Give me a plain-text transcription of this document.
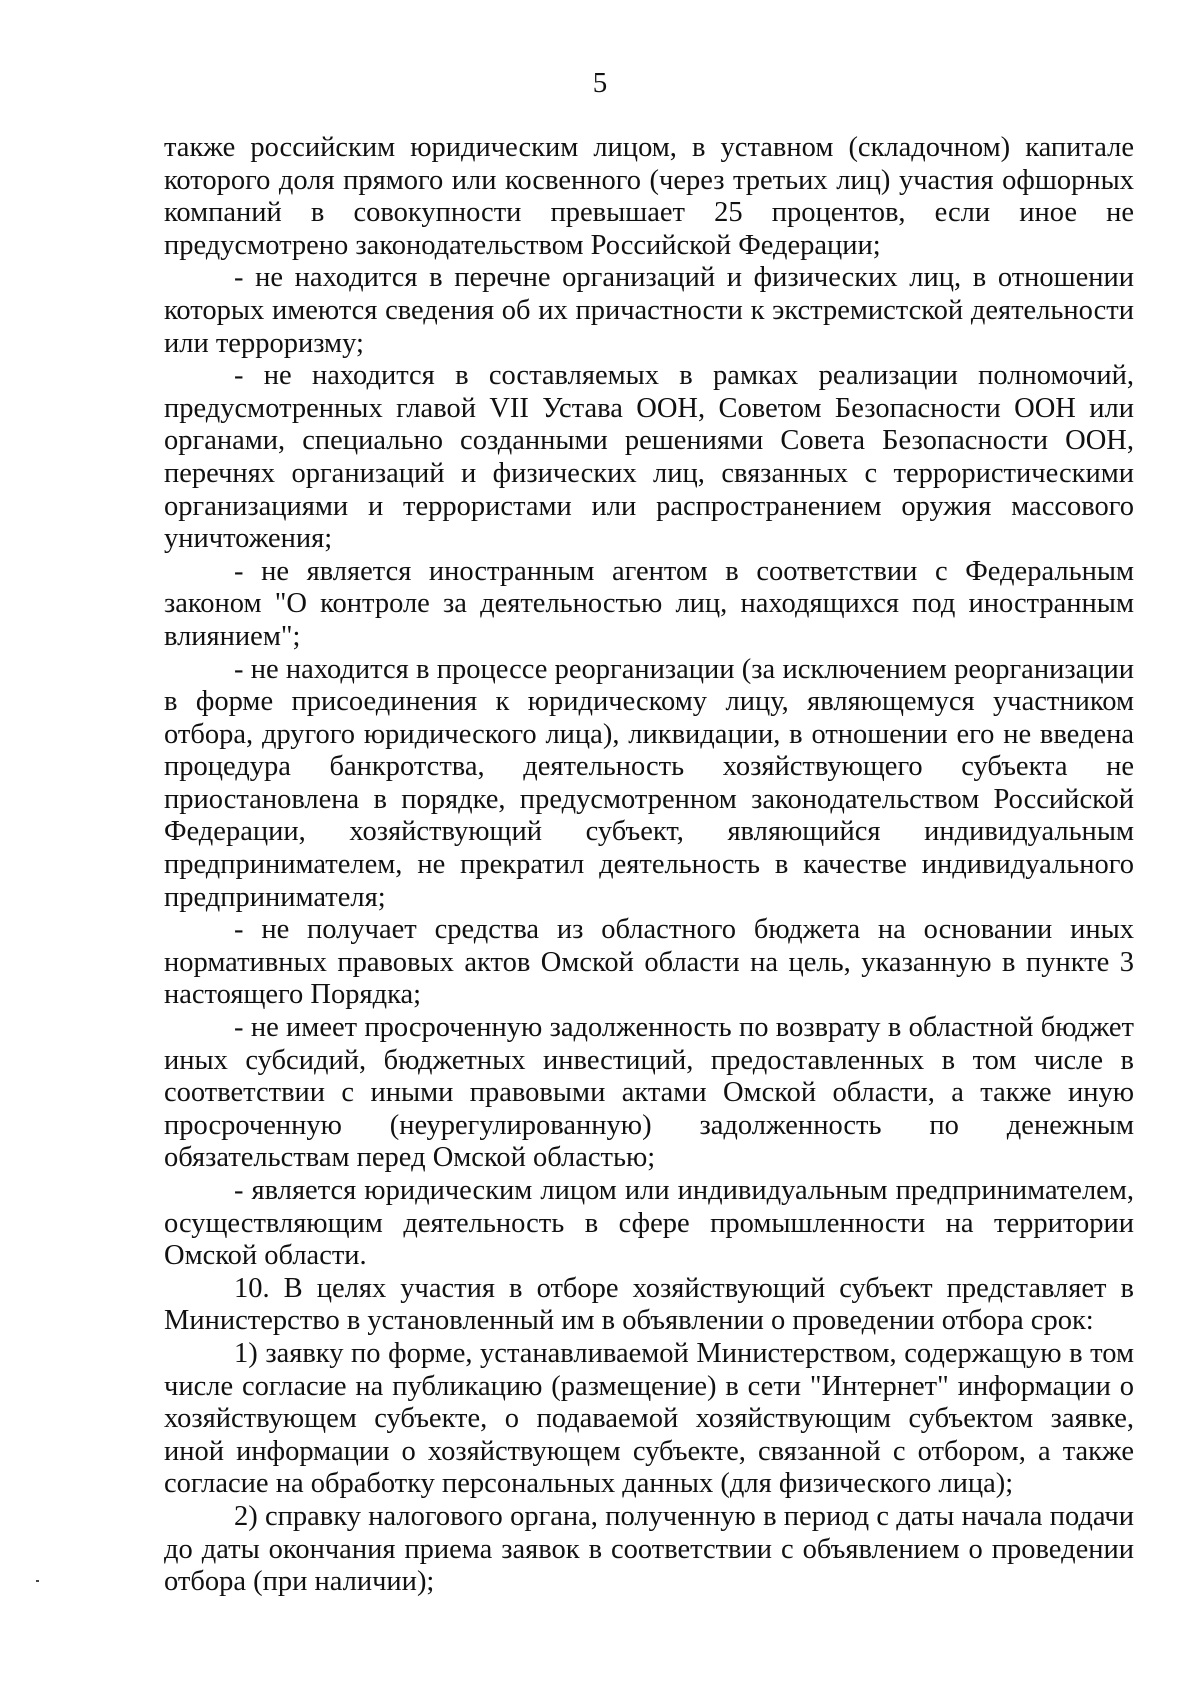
5

также российским юридическим лицом, в уставном (складочном) капитале которого доля прямого или косвенного (через третьих лиц) участия офшорных компаний в совокупности превышает 25 процентов, если иное не предусмотрено законодательством Российской Федерации;

- не находится в перечне организаций и физических лиц, в отношении которых имеются сведения об их причастности к экстремистской деятельности или терроризму;

- не находится в составляемых в рамках реализации полномочий, предусмотренных главой VII Устава ООН, Советом Безопасности ООН или органами, специально созданными решениями Совета Безопасности ООН, перечнях организаций и физических лиц, связанных с террористическими организациями и террористами или распространением оружия массового уничтожения;

- не является иностранным агентом в соответствии с Федеральным законом "О контроле за деятельностью лиц, находящихся под иностранным влиянием";

- не находится в процессе реорганизации (за исключением реорганизации в форме присоединения к юридическому лицу, являющемуся участником отбора, другого юридического лица), ликвидации, в отношении его не введена процедура банкротства, деятельность хозяйствующего субъекта не приостановлена в порядке, предусмотренном законодательством Российской Федерации, хозяйствующий субъект, являющийся индивидуальным предпринимателем, не прекратил деятельность в качестве индивидуального предпринимателя;

- не получает средства из областного бюджета на основании иных нормативных правовых актов Омской области на цель, указанную в пункте 3 настоящего Порядка;

- не имеет просроченную задолженность по возврату в областной бюджет иных субсидий, бюджетных инвестиций, предоставленных в том числе в соответствии с иными правовыми актами Омской области, а также иную просроченную (неурегулированную) задолженность по денежным обязательствам перед Омской областью;

- является юридическим лицом или индивидуальным предпринимателем, осуществляющим деятельность в сфере промышленности на территории Омской области.

10. В целях участия в отборе хозяйствующий субъект представляет в Министерство в установленный им в объявлении о проведении отбора срок:

1) заявку по форме, устанавливаемой Министерством, содержащую в том числе согласие на публикацию (размещение) в сети "Интернет" информации о хозяйствующем субъекте, о подаваемой хозяйствующим субъектом заявке, иной информации о хозяйствующем субъекте, связанной с отбором, а также согласие на обработку персональных данных (для физического лица);

2) справку налогового органа, полученную в период с даты начала подачи до даты окончания приема заявок в соответствии с объявлением о проведении отбора (при наличии);
